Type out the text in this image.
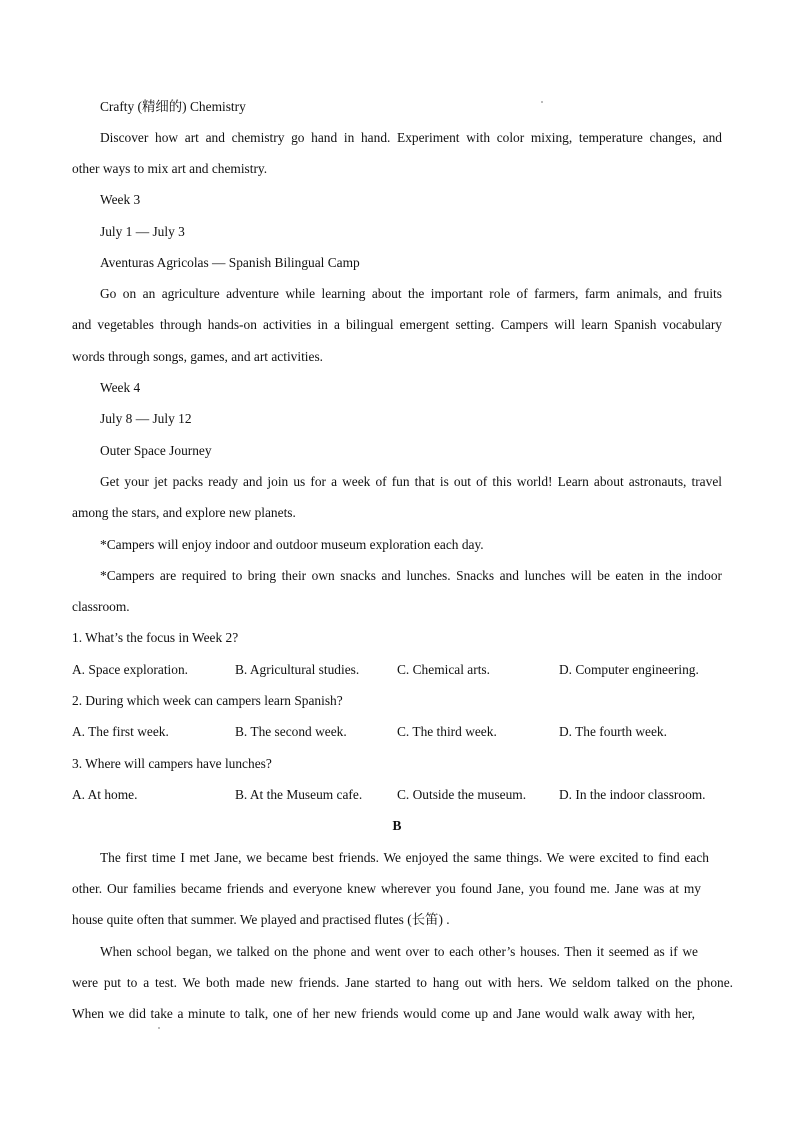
Crafty (精细的) Chemistry
Discover how art and chemistry go hand in hand. Experiment with color mixing, temperature changes, and
other ways to mix art and chemistry.
Week 3
July 1 — July 3
Aventuras Agricolas — Spanish Bilingual Camp
Go on an agriculture adventure while learning about the important role of farmers, farm animals, and fruits
and vegetables through hands-on activities in a bilingual emergent setting. Campers will learn Spanish vocabulary
words through songs, games, and art activities.
Week 4
July 8 — July 12
Outer Space Journey
Get your jet packs ready and join us for a week of fun that is out of this world! Learn about astronauts, travel
among the stars, and explore new planets.
*Campers will enjoy indoor and outdoor museum exploration each day.
*Campers are required to bring their own snacks and lunches. Snacks and lunches will be eaten in the indoor
classroom.
1. What’s the focus in Week 2?
A. Space exploration.	B. Agricultural studies.	C. Chemical arts.	D. Computer engineering.
2. During which week can campers learn Spanish?
A. The first week.	B. The second week.	C. The third week.	D. The fourth week.
3. Where will campers have lunches?
A. At home.	B. At the Museum cafe.	C. Outside the museum. D. In the indoor classroom.
B
The first time I met Jane, we became best friends. We enjoyed the same things. We were excited to find each
other. Our families became friends and everyone knew wherever you found Jane, you found me. Jane was at my
house quite often that summer. We played and practised flutes (长笛) .
When school began, we talked on the phone and went over to each other’s houses. Then it seemed as if we
were put to a test. We both made new friends. Jane started to hang out with hers. We seldom talked on the phone.
When we did take a minute to talk, one of her new friends would come up and Jane would walk away with her,
